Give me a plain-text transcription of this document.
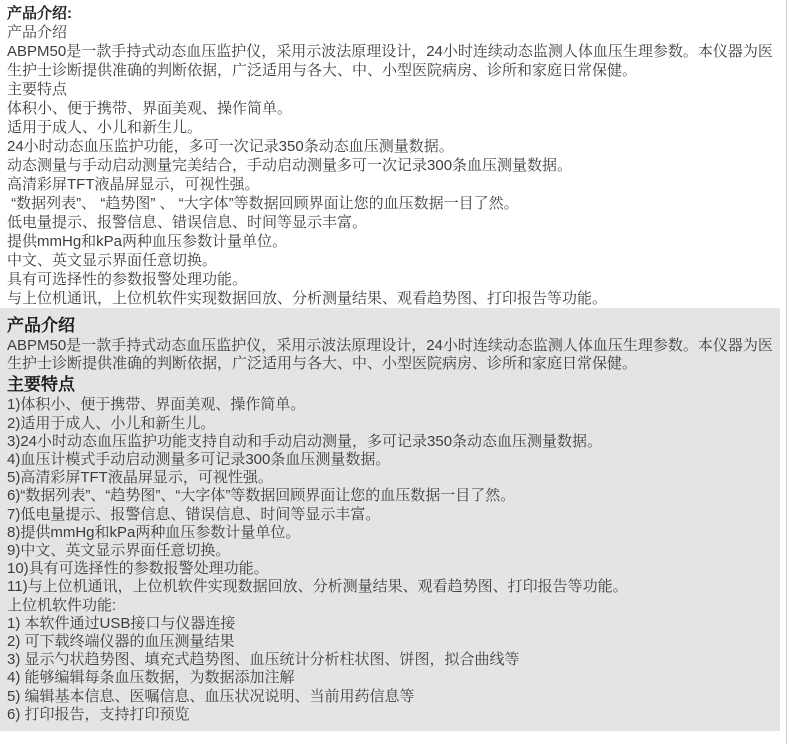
产品介绍:
产品介绍
ABPM50是一款手持式动态血压监护仪，采用示波法原理设计，24小时连续动态监测人体血压生理参数。本仪器为医生护士诊断提供准确的判断依据，广泛适用与各大、中、小型医院病房、诊所和家庭日常保健。
主要特点
体积小、便于携带、界面美观、操作简单。
适用于成人、小儿和新生儿。
24小时动态血压监护功能，多可一次记录350条动态血压测量数据。
动态测量与手动启动测量完美结合，手动启动测量多可一次记录300条血压测量数据。
高清彩屏TFT液晶屏显示，可视性强。
“数据列表”、 “趋势图” 、 “大字体”等数据回顾界面让您的血压数据一目了然。
低电量提示、报警信息、错误信息、时间等显示丰富。
提供mmHg和kPa两种血压参数计量单位。
中文、英文显示界面任意切换。
具有可选择性的参数报警处理功能。
与上位机通讯，上位机软件实现数据回放、分析测量结果、观看趋势图、打印报告等功能。
产品介绍

ABPM50是一款手持式动态血压监护仪，采用示波法原理设计，24小时连续动态监测人体血压生理参数。本仪器为医生护士诊断提供准确的判断依据，广泛适用与各大、中、小型医院病房、诊所和家庭日常保健。

主要特点
1)体积小、便于携带、界面美观、操作简单。
2)适用于成人、小儿和新生儿。
3)24小时动态血压监护功能支持自动和手动启动测量，多可记录350条动态血压测量数据。
4)血压计模式手动启动测量多可记录300条血压测量数据。
5)高清彩屏TFT液晶屏显示，可视性强。
6)“数据列表”、“趋势图”、“大字体”等数据回顾界面让您的血压数据一目了然。
7)低电量提示、报警信息、错误信息、时间等显示丰富。
8)提供mmHg和kPa两种血压参数计量单位。
9)中文、英文显示界面任意切换。
10)具有可选择性的参数报警处理功能。
11)与上位机通讯，上位机软件实现数据回放、分析测量结果、观看趋势图、打印报告等功能。
上位机软件功能:
1) 本软件通过USB接口与仪器连接
2) 可下载终端仪器的血压测量结果
3) 显示勺状趋势图、填充式趋势图、血压统计分析柱状图、饼图，拟合曲线等
4) 能够编辑每条血压数据，为数据添加注解
5) 编辑基本信息、医嘱信息、血压状况说明、当前用药信息等
6) 打印报告，支持打印预览
